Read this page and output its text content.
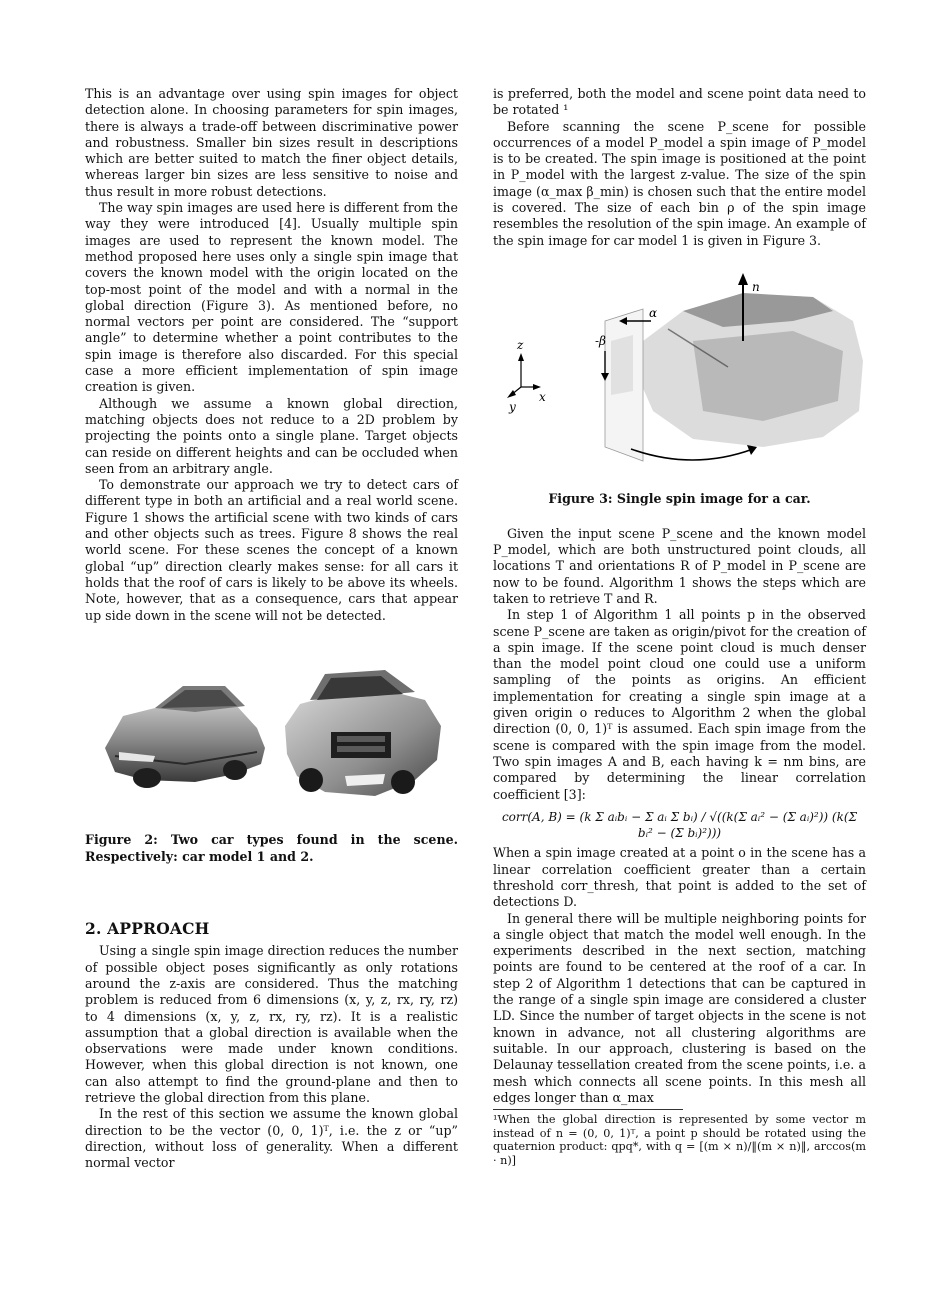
This is an advantage over using spin images for object detection alone. In choosing parameters for spin images, there is always a trade-off between discriminative power and robustness. Smaller bin sizes result in descriptions which are better suited to match the finer object details, whereas larger bin sizes are less sensitive to noise and thus result in more robust detections.

The way spin images are used here is different from the way they were introduced [4]. Usually multiple spin images are used to represent the known model. The method proposed here uses only a single spin image that covers the known model with the origin located on the top-most point of the model and with a normal in the global direction (Figure 3). As mentioned before, no normal vectors per point are considered. The “support angle” to determine whether a point contributes to the spin image is therefore also discarded. For this special case a more efficient implementation of spin image creation is given.

Although we assume a known global direction, matching objects does not reduce to a 2D problem by projecting the points onto a single plane. Target objects can reside on different heights and can be occluded when seen from an arbitrary angle.

To demonstrate our approach we try to detect cars of different type in both an artificial and a real world scene. Figure 1 shows the artificial scene with two kinds of cars and other objects such as trees. Figure 8 shows the real world scene. For these scenes the concept of a known global “up” direction clearly makes sense: for all cars it holds that the roof of cars is likely to be above its wheels. Note, however, that as a consequence, cars that appear up side down in the scene will not be detected.

Figure 2: Two car types found in the scene. Respectively: car model 1 and 2.

2. APPROACH

Using a single spin image direction reduces the number of possible object poses significantly as only rotations around the z-axis are considered. Thus the matching problem is reduced from 6 dimensions (x, y, z, rx, ry, rz) to 4 dimensions (x, y, z, rx, ry, rz). It is a realistic assumption that a global direction is available when the observations were made under known conditions. However, when this global direction is not known, one can also attempt to find the ground-plane and then to retrieve the global direction from this plane.

In the rest of this section we assume the known global direction to be the vector (0, 0, 1)ᵀ, i.e. the z or “up” direction, without loss of generality. When a different normal vector

is preferred, both the model and scene point data need to be rotated ¹

Before scanning the scene P_scene for possible occurrences of a model P_model a spin image of P_model is to be created. The spin image is positioned at the point in P_model with the largest z-value. The size of the spin image (α_max β_min) is chosen such that the entire model is covered. The size of each bin ρ of the spin image resembles the resolution of the spin image. An example of the spin image for car model 1 is given in Figure 3.

n
α
-β
z
x
y

Figure 3: Single spin image for a car.

Given the input scene P_scene and the known model P_model, which are both unstructured point clouds, all locations T and orientations R of P_model in P_scene are now to be found. Algorithm 1 shows the steps which are taken to retrieve T and R.

In step 1 of Algorithm 1 all points p in the observed scene P_scene are taken as origin/pivot for the creation of a spin image. If the scene point cloud is much denser than the model point cloud one could use a uniform sampling of the points as origins. An efficient implementation for creating a single spin image at a given origin o reduces to Algorithm 2 when the global direction (0, 0, 1)ᵀ is assumed. Each spin image from the scene is compared with the spin image from the model. Two spin images A and B, each having k = nm bins, are compared by determining the linear correlation coefficient [3]:

corr(A, B) = (k Σ aᵢbᵢ − Σ aᵢ Σ bᵢ) / √((k(Σ aᵢ² − (Σ aᵢ)²)) (k(Σ bᵢ² − (Σ bᵢ)²)))

When a spin image created at a point o in the scene has a linear correlation coefficient greater than a certain threshold corr_thresh, that point is added to the set of detections D.

In general there will be multiple neighboring points for a single object that match the model well enough. In the experiments described in the next section, matching points are found to be centered at the roof of a car. In step 2 of Algorithm 1 detections that can be captured in the range of a single spin image are considered a cluster LD. Since the number of target objects in the scene is not known in advance, not all clustering algorithms are suitable. In our approach, clustering is based on the Delaunay tessellation created from the scene points, i.e. a mesh which connects all scene points. In this mesh all edges longer than α_max

¹When the global direction is represented by some vector m instead of n = (0, 0, 1)ᵀ, a point p should be rotated using the quaternion product: qpq*, with q = [(m × n)/‖(m × n)‖, arccos(m · n)]
